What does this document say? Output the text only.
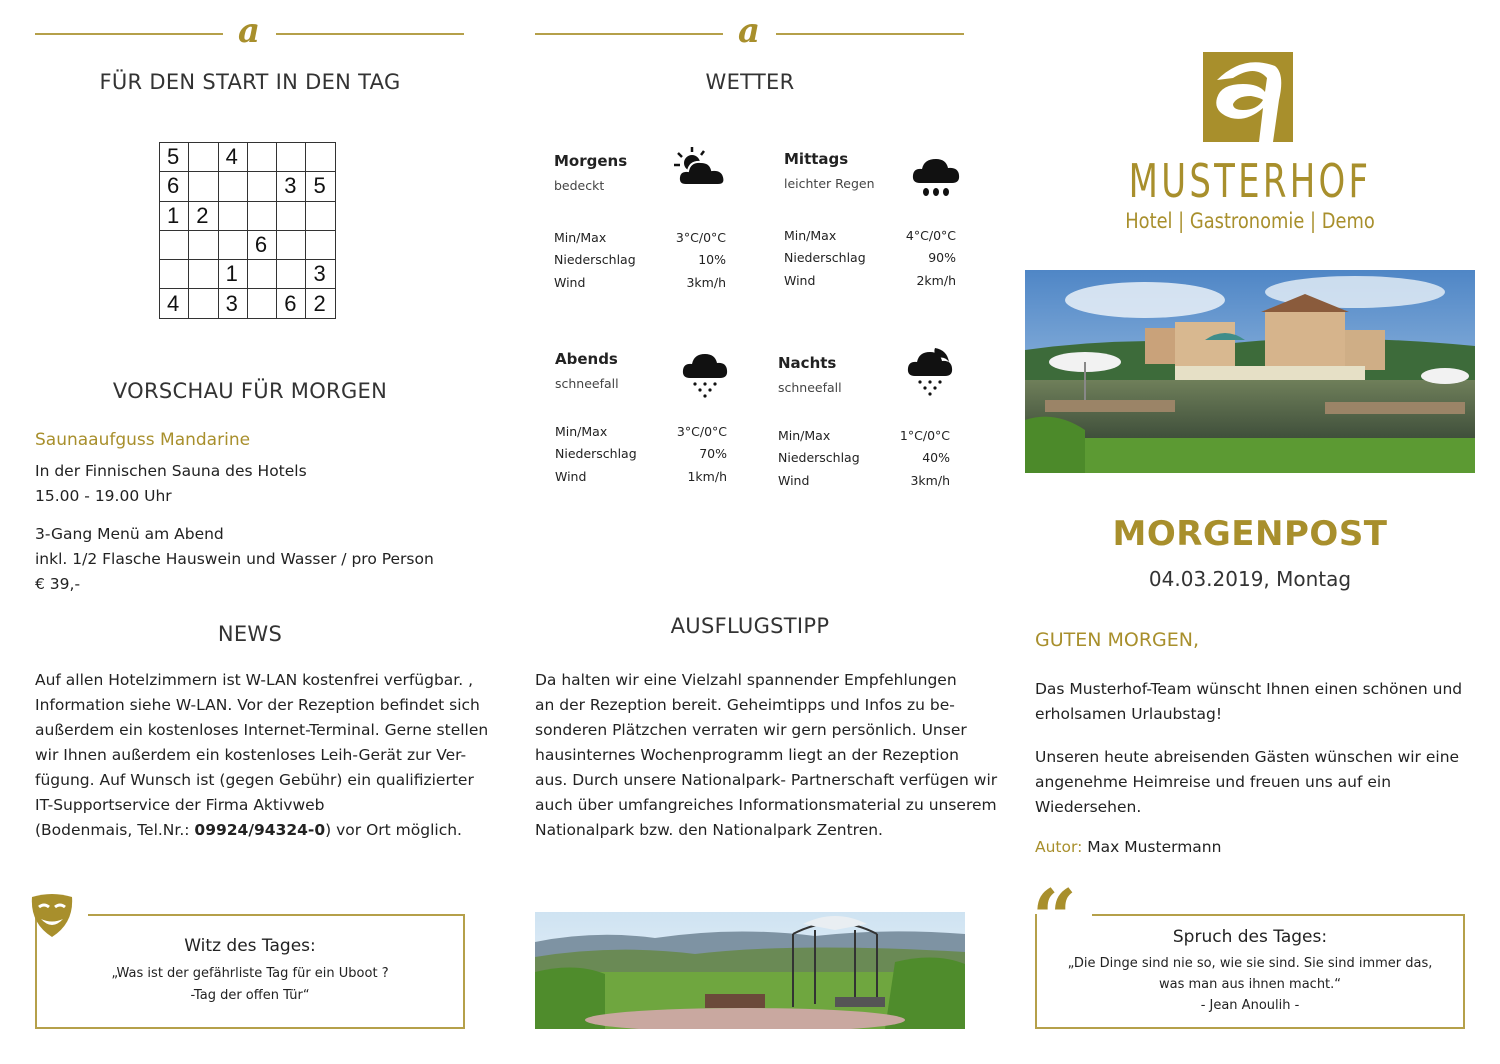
a
FÜR DEN START IN DEN TAG
5		4			
6				3	5
1	2				
			6		
		1			3
4		3		6	2
VORSCHAU FÜR MORGEN
Saunaaufguss Mandarine

In der Finnischen Sauna des Hotels

15.00 - 19.00 Uhr

3-Gang Menü am Abend

inkl. 1/2 Flasche Hauswein und Wasser / pro Person

€ 39,-

NEWS

Auf allen Hotelzimmern ist W-LAN kostenfrei verfügbar. ,

Information siehe W-LAN. Vor der Rezeption befindet sich

außerdem ein kostenloses Internet-Terminal. Gerne stellen

wir Ihnen außerdem ein kostenloses Leih-Gerät zur Ver-

fügung. Auf Wunsch ist (gegen Gebühr) ein qualifizierter

IT-Supportservice der Firma Aktivweb

(Bodenmais, Tel.Nr.: 09924/94324-0) vor Ort möglich.

Witz des Tages:

„Was ist der gefährliste Tag für ein Uboot ?

-Tag der offen Tür“

a
WETTER
Morgens
bedeckt
Min/Max	3°C/0°C
Niederschlag	10%
Wind	3km/h
Mittags
leichter Regen
Min/Max	4°C/0°C
Niederschlag	90%
Wind	2km/h
Abends
schneefall
Min/Max	3°C/0°C
Niederschlag	70%
Wind	1km/h
Nachts
schneefall
Min/Max	1°C/0°C
Niederschlag	40%
Wind	3km/h
AUSFLUGSTIPP

Da halten wir eine Vielzahl spannender Empfehlungen

an der Rezeption bereit. Geheimtipps und Infos zu be-

sonderen Plätzchen verraten wir gern persönlich. Unser

hausinternes Wochenprogramm liegt an der Rezeption

aus. Durch unsere Nationalpark- Partnerschaft verfügen wir

auch über umfangreiches Informationsmaterial zu unserem

Nationalpark bzw. den Nationalpark Zentren.

MUSTERHOF
Hotel | Gastronomie | Demo
MORGENPOST
04.03.2019, Montag
GUTEN MORGEN,

Das Musterhof-Team wünscht Ihnen einen schönen und

erholsamen Urlaubstag!

Unseren heute abreisenden Gästen wünschen wir eine

angenehme Heimreise und freuen uns auf ein

Wiedersehen.

Autor: Max Mustermann

Spruch des Tages:

„Die Dinge sind nie so, wie sie sind. Sie sind immer das,

was man aus ihnen macht.“

- Jean Anoulih -

“
